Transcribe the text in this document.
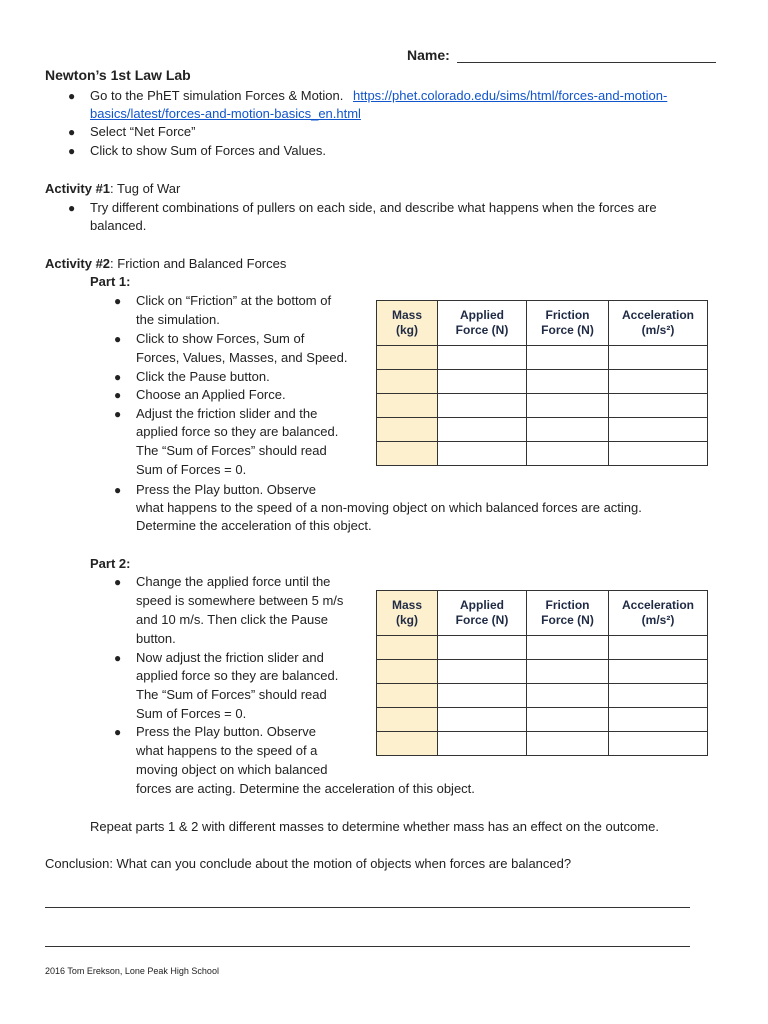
Name:
Newton’s 1st Law Lab
● Go to the PhET simulation Forces & Motion. https://phet.colorado.edu/sims/html/forces-and-motion-
basics/latest/forces-and-motion-basics_en.html
● Select “Net Force”
● Click to show Sum of Forces and Values.
Activity #1: Tug of War
● Try different combinations of pullers on each side, and describe what happens when the forces are
balanced.
Activity #2: Friction and Balanced Forces
Part 1:
● Click on “Friction” at the bottom of
the simulation.
● Click to show Forces, Sum of
Forces, Values, Masses, and Speed.
● Click the Pause button.
● Choose an Applied Force.
● Adjust the friction slider and the
applied force so they are balanced.
The “Sum of Forces” should read
Sum of Forces = 0.
● Press the Play button. Observe
what happens to the speed of a non-moving object on which balanced forces are acting.
Determine the acceleration of this object.
Mass
(kg)	Applied
Force (N)	Friction
Force (N)	Acceleration
(m/s²)

Part 2:
● Change the applied force until the
speed is somewhere between 5 m/s
and 10 m/s. Then click the Pause
button.
● Now adjust the friction slider and
applied force so they are balanced.
The “Sum of Forces” should read
Sum of Forces = 0.
● Press the Play button. Observe
what happens to the speed of a
moving object on which balanced
forces are acting. Determine the acceleration of this object.
Mass
(kg)	Applied
Force (N)	Friction
Force (N)	Acceleration
(m/s²)

Repeat parts 1 & 2 with different masses to determine whether mass has an effect on the outcome.
Conclusion: What can you conclude about the motion of objects when forces are balanced?
2016 Tom Erekson, Lone Peak High School
